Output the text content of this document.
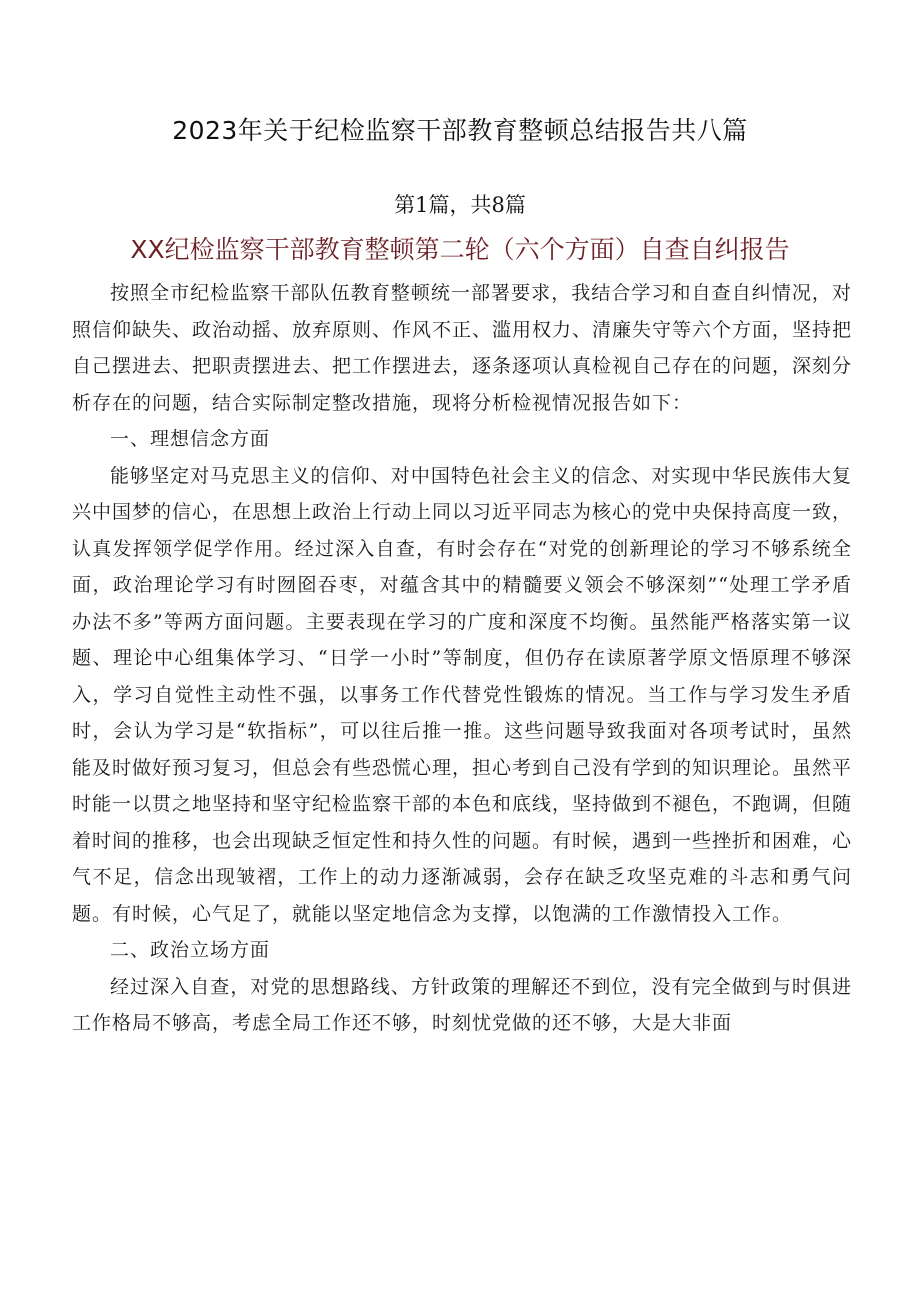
2023年关于纪检监察干部教育整顿总结报告共八篇
第1篇，共8篇
XX纪检监察干部教育整顿第二轮（六个方面）自查自纠报告

按照全市纪检监察干部队伍教育整顿统一部署要求，我结合学习和自查自纠情况，对照信仰缺失、政治动摇、放弃原则、作风不正、滥用权力、清廉失守等六个方面，坚持把自己摆进去、把职责摆进去、把工作摆进去，逐条逐项认真检视自己存在的问题，深刻分析存在的问题，结合实际制定整改措施，现将分析检视情况报告如下：

一、理想信念方面

能够坚定对马克思主义的信仰、对中国特色社会主义的信念、对实现中华民族伟大复兴中国梦的信心，在思想上政治上行动上同以习近平同志为核心的党中央保持高度一致，认真发挥领学促学作用。经过深入自查，有时会存在“对党的创新理论的学习不够系统全面，政治理论学习有时囫囵吞枣，对蕴含其中的精髓要义领会不够深刻”“处理工学矛盾办法不多”等两方面问题。主要表现在学习的广度和深度不均衡。虽然能严格落实第一议题、理论中心组集体学习、“日学一小时”等制度，但仍存在读原著学原文悟原理不够深入，学习自觉性主动性不强，以事务工作代替党性锻炼的情况。当工作与学习发生矛盾时，会认为学习是“软指标”，可以往后推一推。这些问题导致我面对各项考试时，虽然能及时做好预习复习，但总会有些恐慌心理，担心考到自己没有学到的知识理论。虽然平时能一以贯之地坚持和坚守纪检监察干部的本色和底线，坚持做到不褪色，不跑调，但随着时间的推移，也会出现缺乏恒定性和持久性的问题。有时候，遇到一些挫折和困难，心气不足，信念出现皱褶，工作上的动力逐渐减弱，会存在缺乏攻坚克难的斗志和勇气问题。有时候，心气足了，就能以坚定地信念为支撑，以饱满的工作激情投入工作。

二、政治立场方面

经过深入自查，对党的思想路线、方针政策的理解还不到位，没有完全做到与时俱进工作格局不够高，考虑全局工作还不够，时刻忧党做的还不够，大是大非面
